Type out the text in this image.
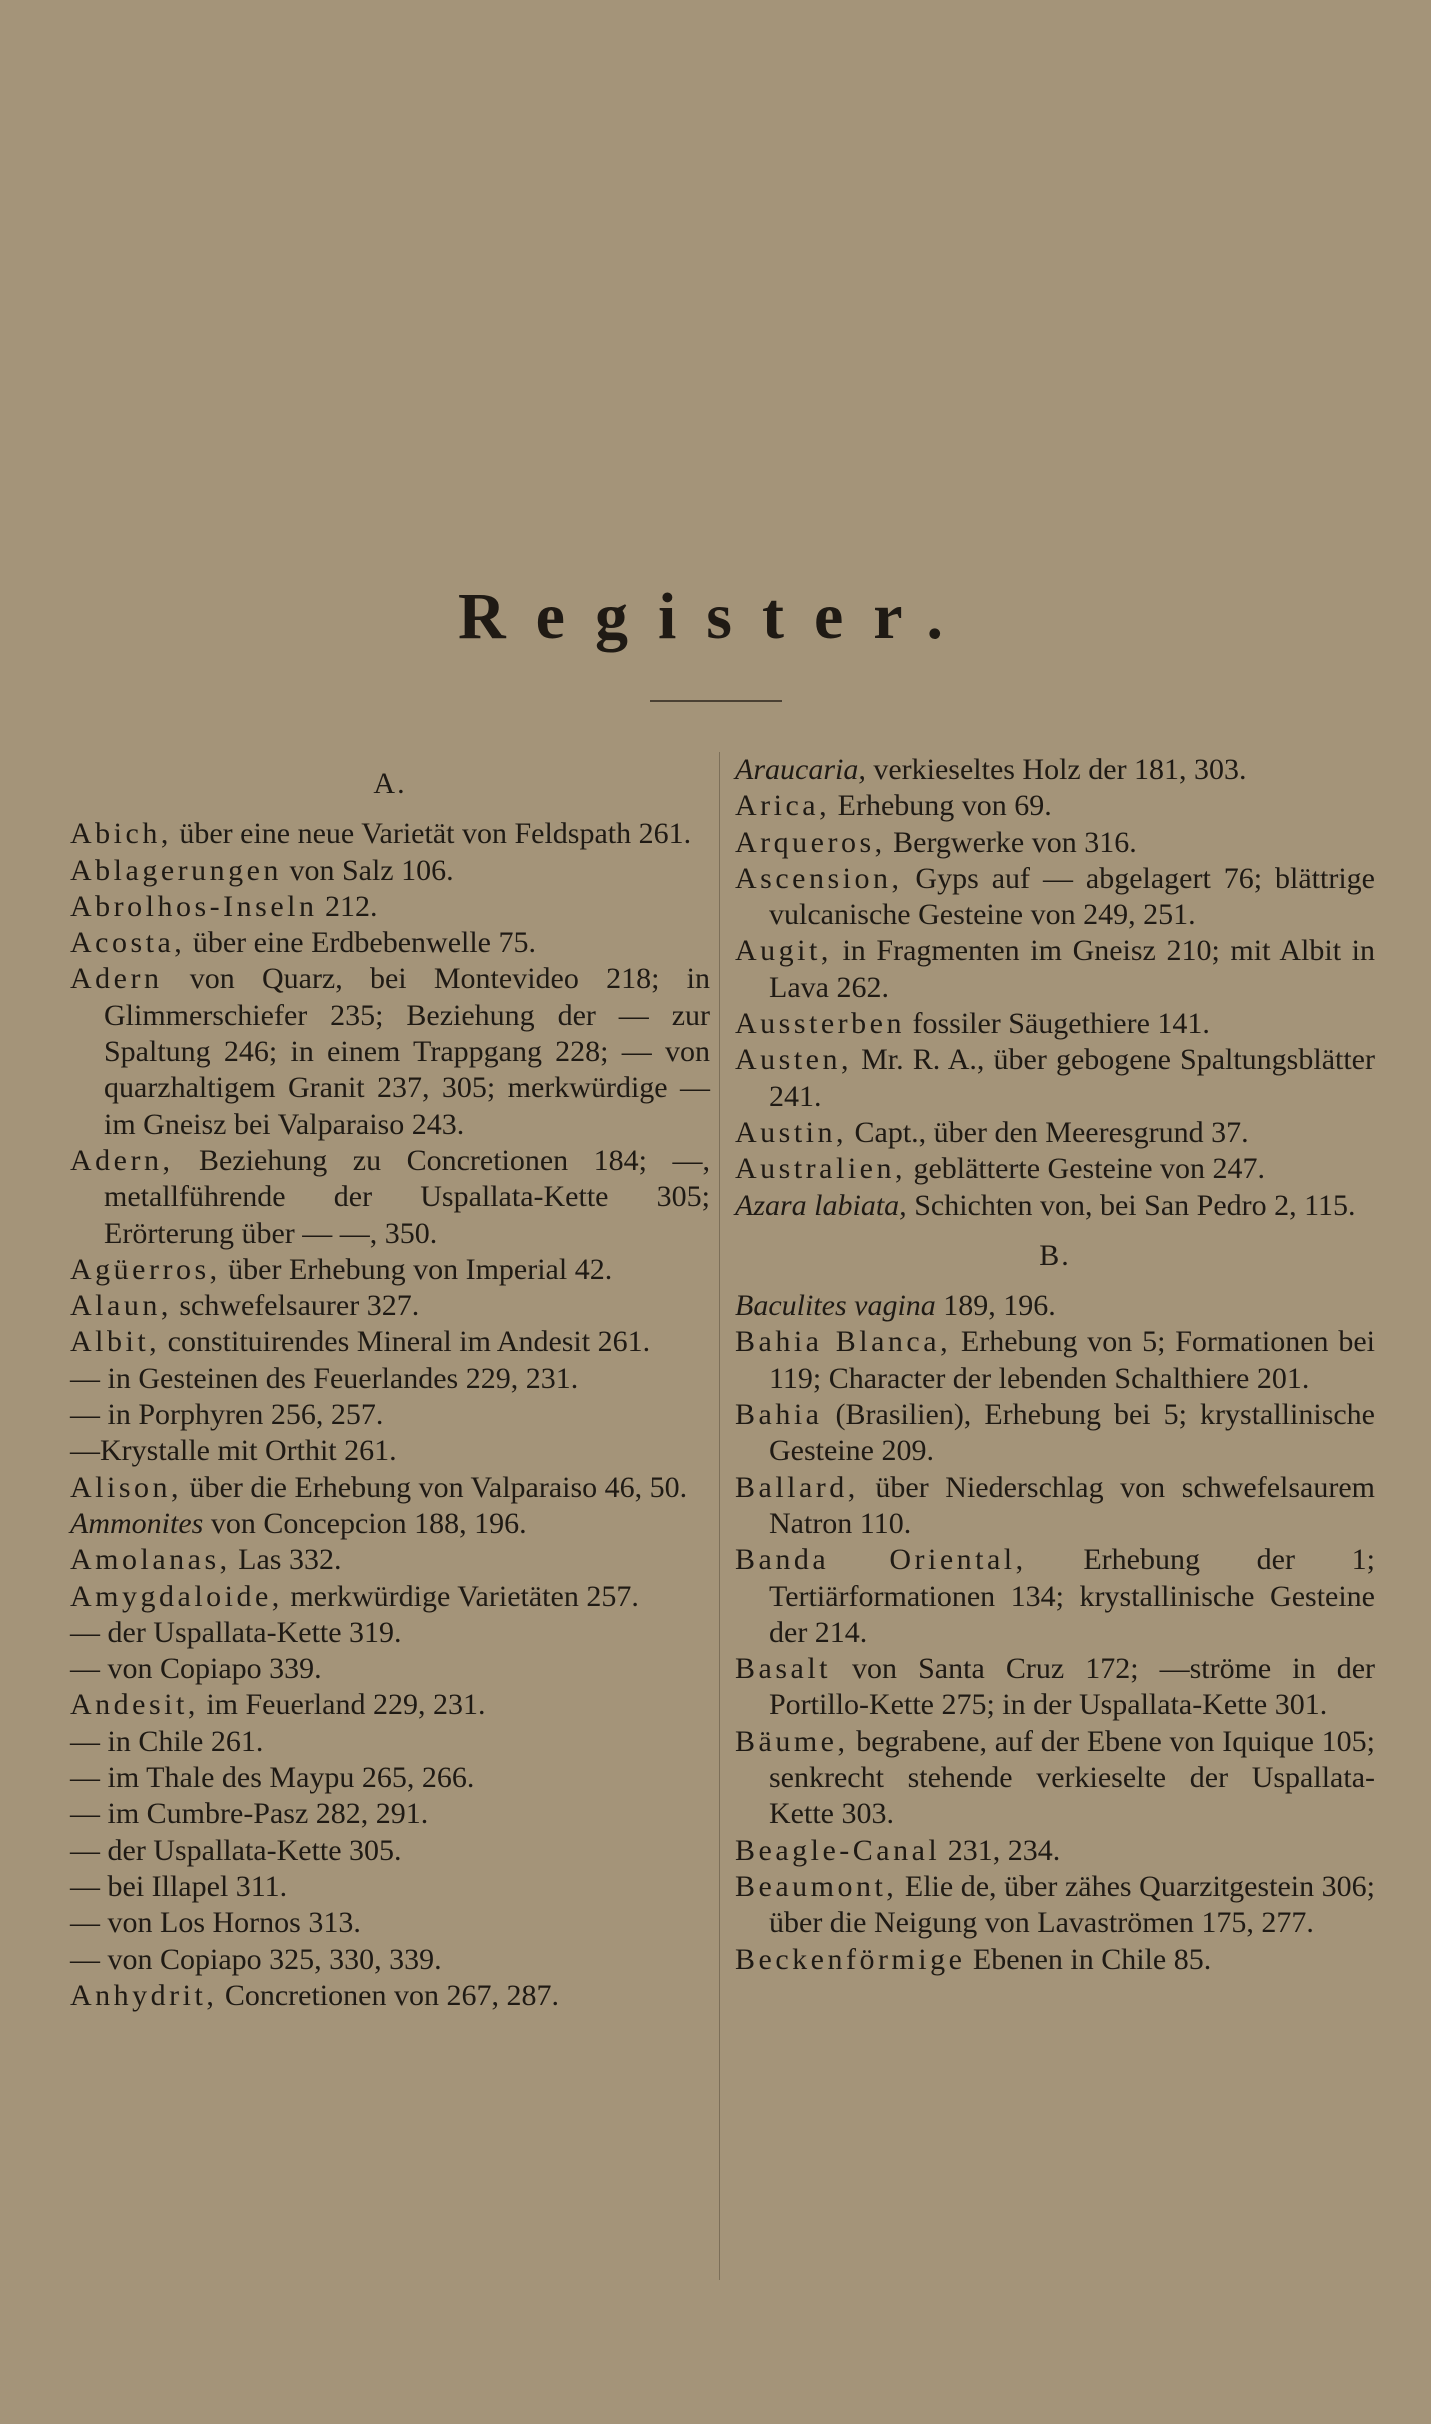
Register.
A.
Abich, über eine neue Varietät von Feldspath 261.
Ablagerungen von Salz 106.
Abrolhos-Inseln 212.
Acosta, über eine Erdbebenwelle 75.
Adern von Quarz, bei Montevideo 218; in Glimmerschiefer 235; Beziehung der — zur Spaltung 246; in einem Trappgang 228; — von quarzhaltigem Granit 237, 305; merkwürdige — im Gneisz bei Valparaiso 243.
Adern, Beziehung zu Concretionen 184; —, metallführende der Uspallata-Kette 305; Erörterung über — —, 350.
Agüerros, über Erhebung von Imperial 42.
Alaun, schwefelsaurer 327.
Albit, constituirendes Mineral im Andesit 261.
— in Gesteinen des Feuerlandes 229, 231.
— in Porphyren 256, 257.
—Krystalle mit Orthit 261.
Alison, über die Erhebung von Valparaiso 46, 50.
Ammonites von Concepcion 188, 196.
Amolanas, Las 332.
Amygdaloide, merkwürdige Varietäten 257.
— der Uspallata-Kette 319.
— von Copiapo 339.
Andesit, im Feuerland 229, 231.
— in Chile 261.
— im Thale des Maypu 265, 266.
— im Cumbre-Pasz 282, 291.
— der Uspallata-Kette 305.
— bei Illapel 311.
— von Los Hornos 313.
— von Copiapo 325, 330, 339.
Anhydrit, Concretionen von 267, 287.
Araucaria, verkieseltes Holz der 181, 303.
Arica, Erhebung von 69.
Arqueros, Bergwerke von 316.
Ascension, Gyps auf — abgelagert 76; blättrige vulcanische Gesteine von 249, 251.
Augit, in Fragmenten im Gneisz 210; mit Albit in Lava 262.
Aussterben fossiler Säugethiere 141.
Austen, Mr. R. A., über gebogene Spaltungsblätter 241.
Austin, Capt., über den Meeresgrund 37.
Australien, geblätterte Gesteine von 247.
Azara labiata, Schichten von, bei San Pedro 2, 115.
B.
Baculites vagina 189, 196.
Bahia Blanca, Erhebung von 5; Formationen bei 119; Character der lebenden Schalthiere 201.
Bahia (Brasilien), Erhebung bei 5; krystallinische Gesteine 209.
Ballard, über Niederschlag von schwefelsaurem Natron 110.
Banda Oriental, Erhebung der 1; Tertiärformationen 134; krystallinische Gesteine der 214.
Basalt von Santa Cruz 172; —ströme in der Portillo-Kette 275; in der Uspallata-Kette 301.
Bäume, begrabene, auf der Ebene von Iquique 105; senkrecht stehende verkieselte der Uspallata-Kette 303.
Beagle-Canal 231, 234.
Beaumont, Elie de, über zähes Quarzitgestein 306; über die Neigung von Lavaströmen 175, 277.
Beckenförmige Ebenen in Chile 85.
